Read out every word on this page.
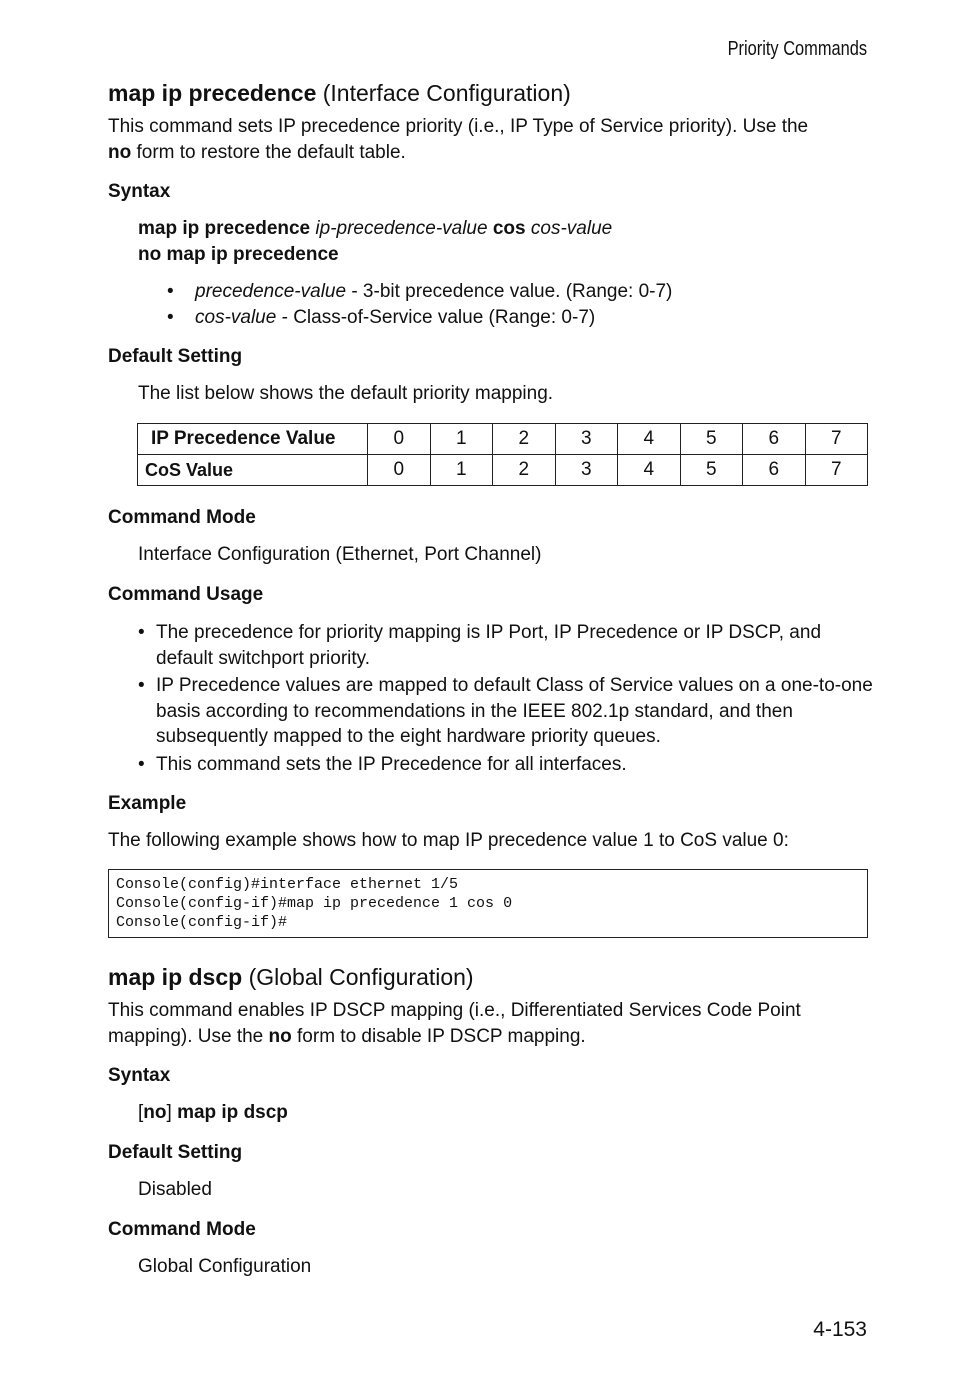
Priority Commands
map ip precedence (Interface Configuration)
This command sets IP precedence priority (i.e., IP Type of Service priority). Use the
no form to restore the default table.
Syntax
map ip precedence ip-precedence-value cos cos-value
no map ip precedence
• precedence-value - 3-bit precedence value. (Range: 0-7)
• cos-value - Class-of-Service value (Range: 0-7)
Default Setting
The list below shows the default priority mapping.
IP Precedence Value	0	1	2	3	4	5	6	7
CoS Value	0	1	2	3	4	5	6	7
Command Mode
Interface Configuration (Ethernet, Port Channel)
Command Usage
• The precedence for priority mapping is IP Port, IP Precedence or IP DSCP, and default switchport priority.
• IP Precedence values are mapped to default Class of Service values on a one-to-one basis according to recommendations in the IEEE 802.1p standard, and then subsequently mapped to the eight hardware priority queues.
• This command sets the IP Precedence for all interfaces.
Example
The following example shows how to map IP precedence value 1 to CoS value 0:
Console(config)#interface ethernet 1/5
Console(config-if)#map ip precedence 1 cos 0
Console(config-if)#
map ip dscp (Global Configuration)
This command enables IP DSCP mapping (i.e., Differentiated Services Code Point
mapping). Use the no form to disable IP DSCP mapping.
Syntax
[no] map ip dscp
Default Setting
Disabled
Command Mode
Global Configuration
4-153
